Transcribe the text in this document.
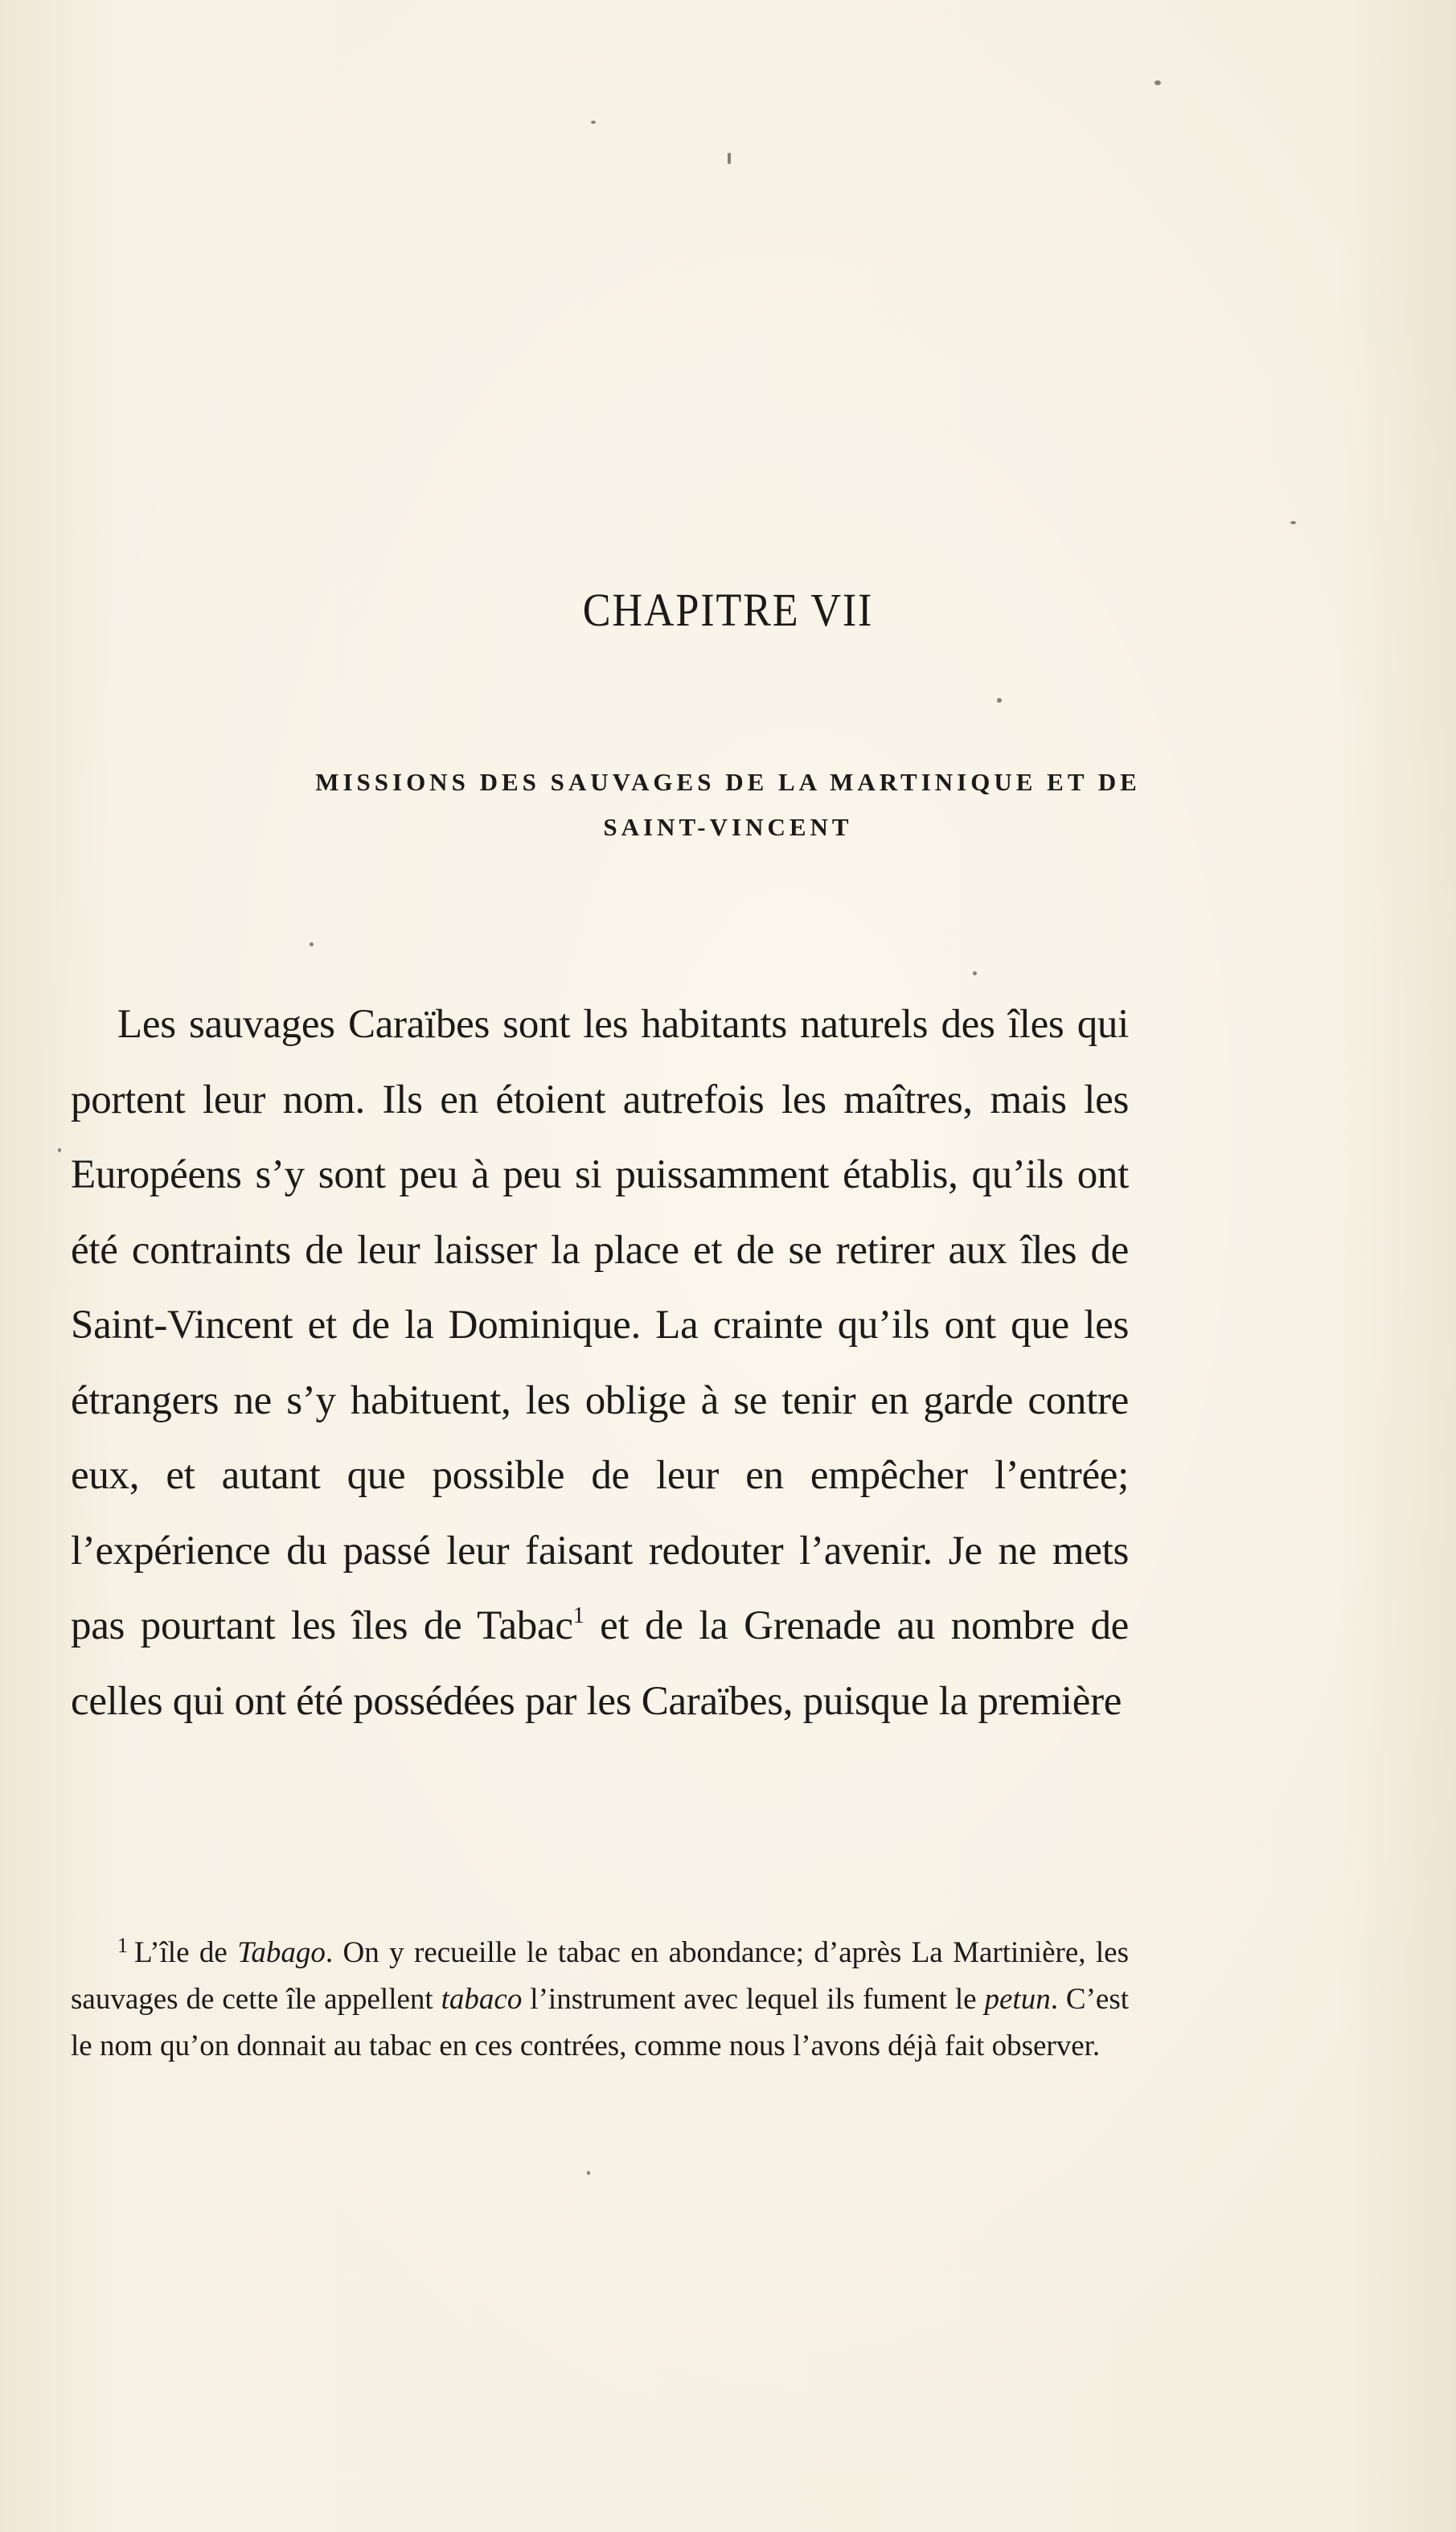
CHAPITRE VII
MISSIONS DES SAUVAGES DE LA MARTINIQUE ET DE
SAINT-VINCENT

Les sauvages Caraïbes sont les habitants naturels des îles qui portent leur nom. Ils en étoient autrefois les maîtres, mais les Européens s’y sont peu à peu si puissamment établis, qu’ils ont été contraints de leur laisser la place et de se retirer aux îles de Saint-Vincent et de la Dominique. La crainte qu’ils ont que les étrangers ne s’y habituent, les oblige à se tenir en garde contre eux, et autant que possible de leur en empêcher l’entrée; l’expérience du passé leur faisant redouter l’avenir. Je ne mets pas pourtant les îles de Tabac$^1$ et de la Grenade au nombre de celles qui ont été possédées par les Caraïbes, puisque la première

$^1$ L’île de Tabago. On y recueille le tabac en abondance; d’après La Martinière, les sauvages de cette île appellent tabaco l’instrument avec lequel ils fument le petun. C’est le nom qu’on donnait au tabac en ces contrées, comme nous l’avons déjà fait observer.
